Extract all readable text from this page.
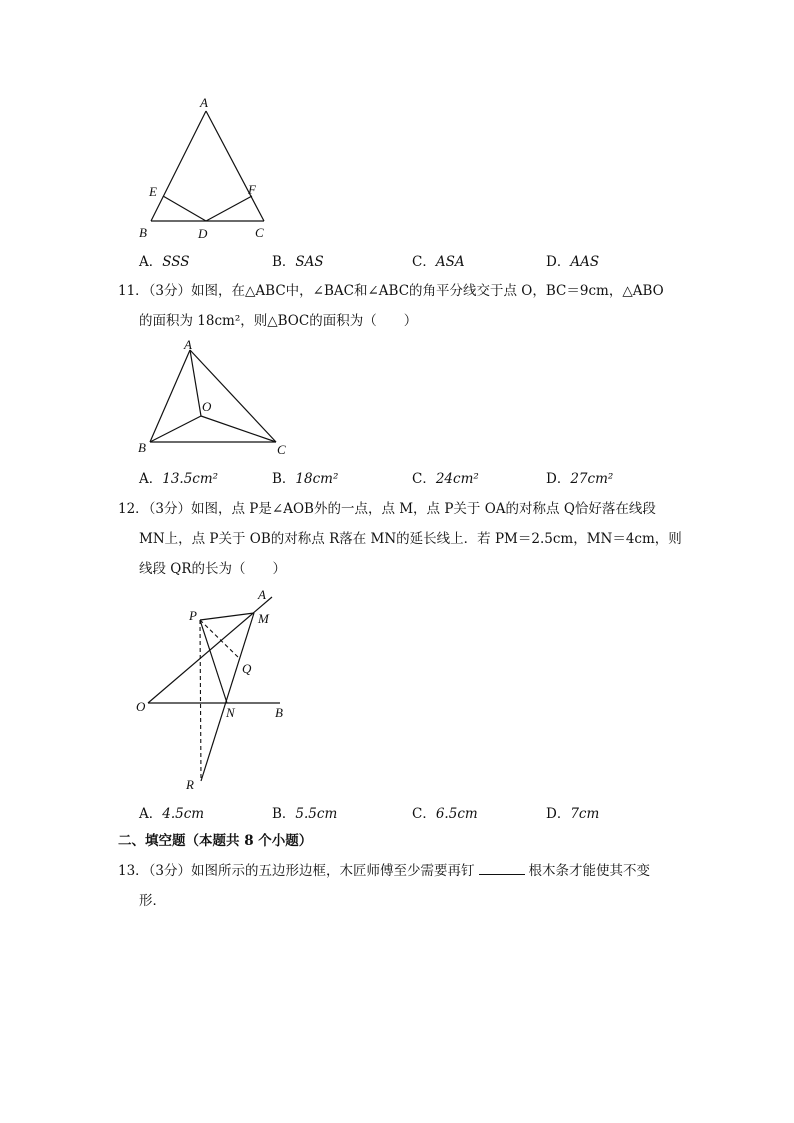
A
E	F
B	D	C
A．SSS	B．SAS	C．ASA	D．AAS
11．（3分）如图，在△ABC中，∠BAC和∠ABC的角平分线交于点 O，BC＝9cm，△ABO
的面积为 18cm²，则△BOC的面积为（　　）
A
O
B	C
A．13.5cm²	B．18cm²	C．24cm²	D．27cm²
12．（3分）如图，点 P是∠AOB外的一点，点 M，点 P关于 OA的对称点 Q恰好落在线段
MN上，点 P关于 OB的对称点 R落在 MN的延长线上．若 PM＝2.5cm，MN＝4cm，则
线段 QR的长为（　　）
A
P	M
Q
O	N	B
R
A．4.5cm	B．5.5cm	C．6.5cm	D．7cm
二、填空题（本题共 8 个小题）
13．（3分）如图所示的五边形边框，木匠师傅至少需要再钉	根木条才能使其不变
形．
